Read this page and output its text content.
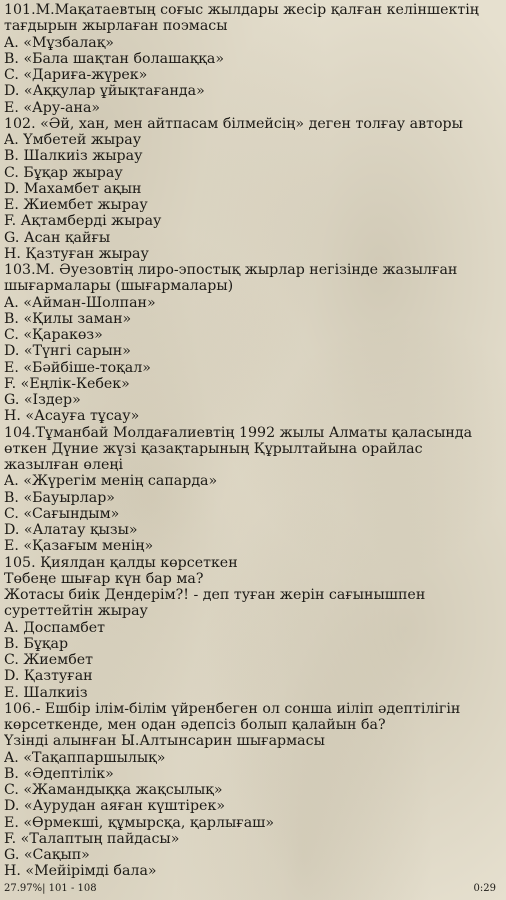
101.М.Мақатаевтың соғыс жылдары жесір қалған келіншектің
тағдырын жырлаған поэмасы
A. «Мұзбалақ»
B. «Бала шақтан болашаққа»
C. «Дариға-жүрек»
D. «Аққулар ұйықтағанда»
E. «Ару-ана»
102. «Әй, хан, мен айтпасам білмейсің» деген толғау авторы
A. Үмбетей жырау
B. Шалкиіз жырау
C. Бұқар жырау
D. Махамбет ақын
E. Жиембет жырау
F. Ақтамберді жырау
G. Асан қайғы
H. Қазтуған жырау
103.М. Әуезовтің лиро-эпостық жырлар негізінде жазылған
шығармалары (шығармалары)
A. «Айман-Шолпан»
B. «Қилы заман»
C. «Қаракөз»
D. «Түнгі сарын»
E. «Бәйбіше-тоқал»
F. «Еңлік-Кебек»
G. «Іздер»
H. «Асауға тұсау»
104.Тұманбай Молдағалиевтің 1992 жылы Алматы қаласында
өткен Дүние жүзі қазақтарының Құрылтайына орайлас
жазылған өлеңі
A. «Жүрегім менің сапарда»
B. «Бауырлар»
C. «Сағындым»
D. «Алатау қызы»
E. «Қазағым менің»
105. Қиялдан қалды көрсеткен
Төбеңе шығар күн бар ма?
Жотасы биік Дендерім?! - деп туған жерін сағынышпен
суреттейтін жырау
A. Доспамбет
B. Бұқар
C. Жиембет
D. Қазтуған
E. Шалкиіз
106.- Ешбір ілім-білім үйренбеген ол соншa иіліп әдептілігін
көрсеткенде, мен одан әдепсіз болып қалайын ба?
Үзінді алынған Ы.Алтынсарин шығармасы
A. «Тақаппаршылық»
B. «Әдептілік»
C. «Жамандыққа жақсылық»
D. «Аурудан аяған күштірек»
E. «Өрмекші, құмырсқа, қарлығаш»
F. «Талаптың пайдасы»
G. «Сақып»
H. «Мейірімді бала»
27.97%| 101 - 108	0:29
